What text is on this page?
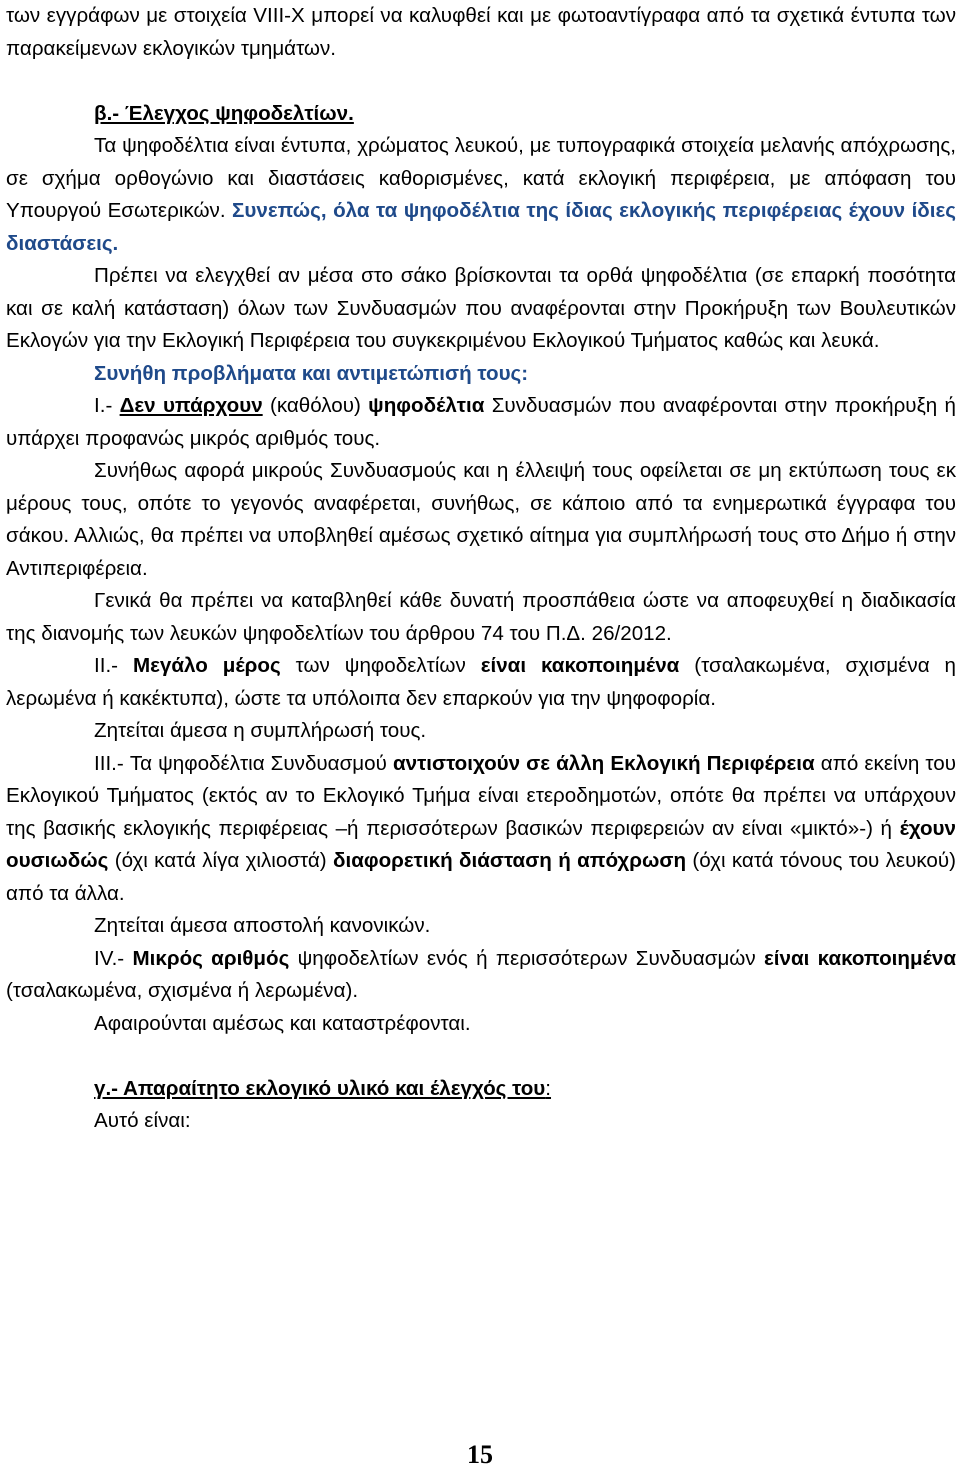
των εγγράφων με στοιχεία VIII-X μπορεί να καλυφθεί και με φωτοαντίγραφα από τα σχετικά έντυπα των παρακείμενων εκλογικών τμημάτων.

β.- Έλεγχος ψηφοδελτίων.

Τα ψηφοδέλτια είναι έντυπα, χρώματος λευκού, με τυπογραφικά στοιχεία μελανής απόχρωσης, σε σχήμα ορθογώνιο και διαστάσεις καθορισμένες, κατά εκλογική περιφέρεια, με απόφαση του Υπουργού Εσωτερικών. Συνεπώς, όλα τα ψηφοδέλτια της ίδιας εκλογικής περιφέρειας έχουν ίδιες διαστάσεις.

Πρέπει να ελεγχθεί αν μέσα στο σάκο βρίσκονται τα ορθά ψηφοδέλτια (σε επαρκή ποσότητα και σε καλή κατάσταση) όλων των Συνδυασμών που αναφέρονται στην Προκήρυξη των Βουλευτικών Εκλογών για την Εκλογική Περιφέρεια του συγκεκριμένου Εκλογικού Τμήματος καθώς και λευκά.

Συνήθη προβλήματα και αντιμετώπισή τους:

I.- Δεν υπάρχουν (καθόλου) ψηφοδέλτια Συνδυασμών που αναφέρονται στην προκήρυξη ή υπάρχει προφανώς μικρός αριθμός τους.

Συνήθως αφορά μικρούς Συνδυασμούς και η έλλειψή τους οφείλεται σε μη εκτύπωση τους εκ μέρους τους, οπότε το γεγονός αναφέρεται, συνήθως, σε κάποιο από τα ενημερωτικά έγγραφα του σάκου. Αλλιώς, θα πρέπει να υποβληθεί αμέσως σχετικό αίτημα για συμπλήρωσή τους στο Δήμο ή στην Αντιπεριφέρεια.

Γενικά θα πρέπει να καταβληθεί κάθε δυνατή προσπάθεια ώστε να αποφευχθεί η διαδικασία της διανομής των λευκών ψηφοδελτίων του άρθρου 74 του Π.Δ. 26/2012.

II.- Μεγάλο μέρος των ψηφοδελτίων είναι κακοποιημένα (τσαλακωμένα, σχισμένα η λερωμένα ή κακέκτυπα), ώστε τα υπόλοιπα δεν επαρκούν για την ψηφοφορία.

Ζητείται άμεσα η συμπλήρωσή τους.

III.- Τα ψηφοδέλτια Συνδυασμού αντιστοιχούν σε άλλη Εκλογική Περιφέρεια από εκείνη του Εκλογικού Τμήματος (εκτός αν το Εκλογικό Τμήμα είναι ετεροδημοτών, οπότε θα πρέπει να υπάρχουν της βασικής εκλογικής περιφέρειας –ή περισσότερων βασικών περιφερειών αν είναι «μικτό»-) ή έχουν ουσιωδώς (όχι κατά λίγα χιλιοστά) διαφορετική διάσταση ή απόχρωση (όχι κατά τόνους του λευκού) από τα άλλα.

Ζητείται άμεσα αποστολή κανονικών.

IV.- Μικρός αριθμός ψηφοδελτίων ενός ή περισσότερων Συνδυασμών είναι κακοποιημένα (τσαλακωμένα, σχισμένα ή λερωμένα).

Αφαιρούνται αμέσως και καταστρέφονται.

γ.- Απαραίτητο εκλογικό υλικό και έλεγχός του:

Αυτό είναι:

15
